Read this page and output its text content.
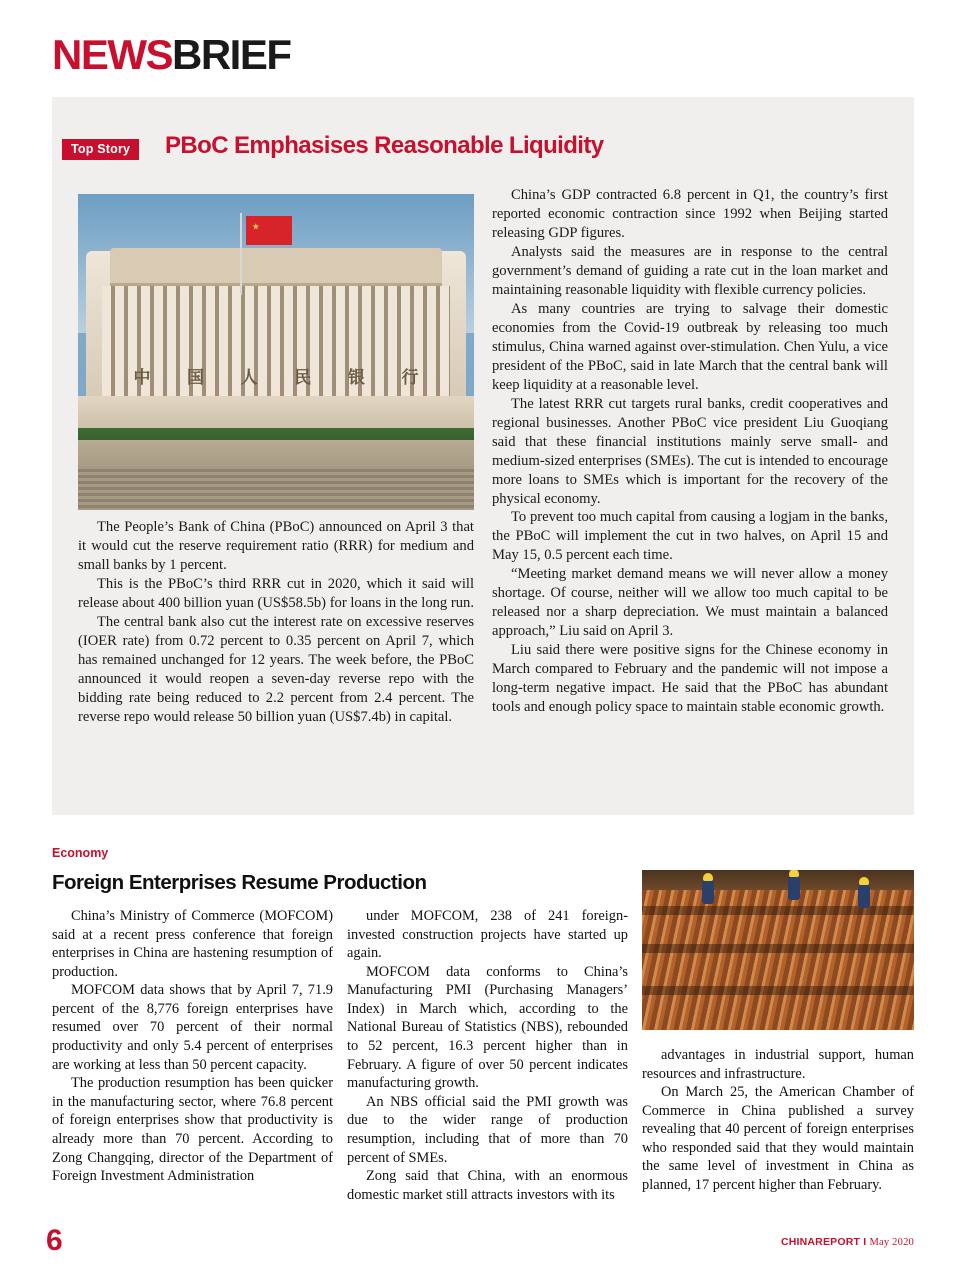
NEWSBRIEF
Top Story	PBoC Emphasises Reasonable Liquidity
中 国 人 民 银 行

The People’s Bank of China (PBoC) announced on April 3 that it would cut the reserve requirement ratio (RRR) for medium and small banks by 1 percent.

This is the PBoC’s third RRR cut in 2020, which it said will release about 400 billion yuan (US$58.5b) for loans in the long run.

The central bank also cut the interest rate on excessive reserves (IOER rate) from 0.72 percent to 0.35 percent on April 7, which has remained unchanged for 12 years. The week before, the PBoC announced it would reopen a seven-day reverse repo with the bidding rate being reduced to 2.2 percent from 2.4 percent. The reverse repo would release 50 billion yuan (US$7.4b) in capital.

China’s GDP contracted 6.8 percent in Q1, the country’s first reported economic contraction since 1992 when Beijing started releasing GDP figures.

Analysts said the measures are in response to the central government’s demand of guiding a rate cut in the loan market and maintaining reasonable liquidity with flexible currency policies.

As many countries are trying to salvage their domestic economies from the Covid-19 outbreak by releasing too much stimulus, China warned against over-stimulation. Chen Yulu, a vice president of the PBoC, said in late March that the central bank will keep liquidity at a reasonable level.

The latest RRR cut targets rural banks, credit cooperatives and regional businesses. Another PBoC vice president Liu Guoqiang said that these financial institutions mainly serve small- and medium-sized enterprises (SMEs). The cut is intended to encourage more loans to SMEs which is important for the recovery of the physical economy.

To prevent too much capital from causing a logjam in the banks, the PBoC will implement the cut in two halves, on April 15 and May 15, 0.5 percent each time.

“Meeting market demand means we will never allow a money shortage. Of course, neither will we allow too much capital to be released nor a sharp depreciation. We must maintain a balanced approach,” Liu said on April 3.

Liu said there were positive signs for the Chinese economy in March compared to February and the pandemic will not impose a long-term negative impact. He said that the PBoC has abundant tools and enough policy space to maintain stable economic growth.

Economy
Foreign Enterprises Resume Production

China’s Ministry of Commerce (MOFCOM) said at a recent press conference that foreign enterprises in China are hastening resumption of production.

MOFCOM data shows that by April 7, 71.9 percent of the 8,776 foreign enterprises have resumed over 70 percent of their normal productivity and only 5.4 percent of enterprises are working at less than 50 percent capacity.

The production resumption has been quicker in the manufacturing sector, where 76.8 percent of foreign enterprises show that productivity is already more than 70 percent. According to Zong Changqing, director of the Department of Foreign Investment Administration

under MOFCOM, 238 of 241 foreign-invested construction projects have started up again.

MOFCOM data conforms to China’s Manufacturing PMI (Purchasing Managers’ Index) in March which, according to the National Bureau of Statistics (NBS), rebounded to 52 percent, 16.3 percent higher than in February. A figure of over 50 percent indicates manufacturing growth.

An NBS official said the PMI growth was due to the wider range of production resumption, including that of more than 70 percent of SMEs.

Zong said that China, with an enormous domestic market still attracts investors with its

advantages in industrial support, human resources and infrastructure.

On March 25, the American Chamber of Commerce in China published a survey revealing that 40 percent of foreign enterprises who responded said that they would maintain the same level of investment in China as planned, 17 percent higher than February.

6	CHINAREPORT I May 2020
